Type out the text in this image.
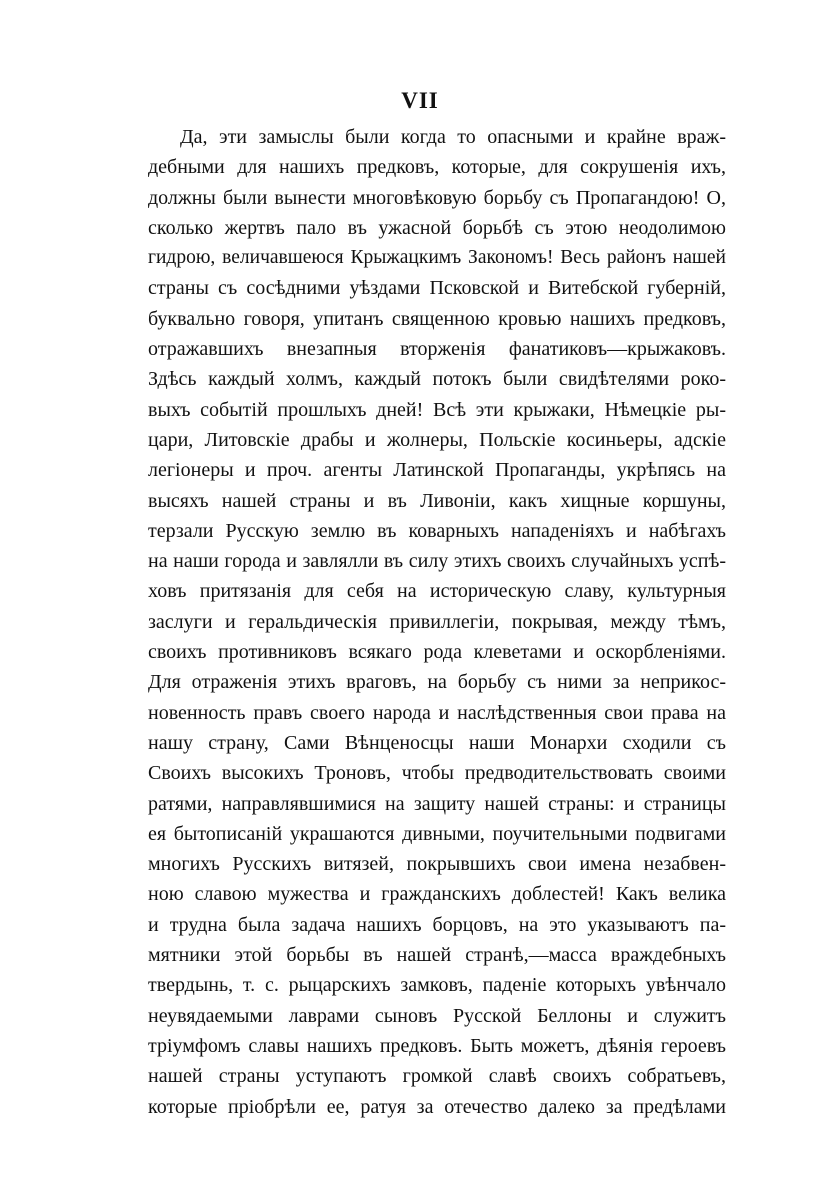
VII
Да, эти замыслы были когда то опасными и крайне враж-
дебными для нашихъ предковъ, которые, для сокрушенія ихъ,
должны были вынести многовѣковую борьбу съ Пропагандою! О,
сколько жертвъ пало въ ужасной борьбѣ съ этою неодолимою
гидрою, величавшеюся Крыжацкимъ Закономъ! Весь районъ нашей
страны съ сосѣдними уѣздами Псковской и Витебской губерній,
буквально говоря, упитанъ священною кровью нашихъ предковъ,
отражавшихъ внезапныя вторженія фанатиковъ—крыжаковъ.
Здѣсь каждый холмъ, каждый потокъ были свидѣтелями роко-
выхъ событій прошлыхъ дней! Всѣ эти крыжаки, Нѣмецкіе ры-
цари, Литовскіе драбы и жолнеры, Польскіе косиньеры, адскіе
легіонеры и проч. агенты Латинской Пропаганды, укрѣпясь на
высяхъ нашей страны и въ Ливоніи, какъ хищные коршуны,
терзали Русскую землю въ коварныхъ нападеніяхъ и набѣгахъ
на наши города и завлялли въ силу этихъ своихъ случайныхъ успѣ-
ховъ притязанія для себя на историческую славу, культурныя
заслуги и геральдическія привиллегіи, покрывая, между тѣмъ,
своихъ противниковъ всякаго рода клеветами и оскорбленіями.
Для отраженія этихъ враговъ, на борьбу съ ними за неприкос-
новенность правъ своего народа и наслѣдственныя свои права на
нашу страну, Сами Вѣнценосцы наши Монархи сходили съ
Своихъ высокихъ Троновъ, чтобы предводительствовать своими
ратями, направлявшимися на защиту нашей страны: и страницы
ея бытописаній украшаются дивными, поучительными подвигами
многихъ Русскихъ витязей, покрывшихъ свои имена незабвен-
ною славою мужества и гражданскихъ доблестей! Какъ велика
и трудна была задача нашихъ борцовъ, на это указываютъ па-
мятники этой борьбы въ нашей странѣ,—масса враждебныхъ
твердынь, т. с. рыцарскихъ замковъ, паденіе которыхъ увѣнчало
неувядаемыми лаврами сыновъ Русской Беллоны и служитъ
тріумфомъ славы нашихъ предковъ. Быть можетъ, дѣянія героевъ
нашей страны уступаютъ громкой славѣ своихъ собратьевъ,
которые пріобрѣли ее, ратуя за отечество далеко за предѣлами
